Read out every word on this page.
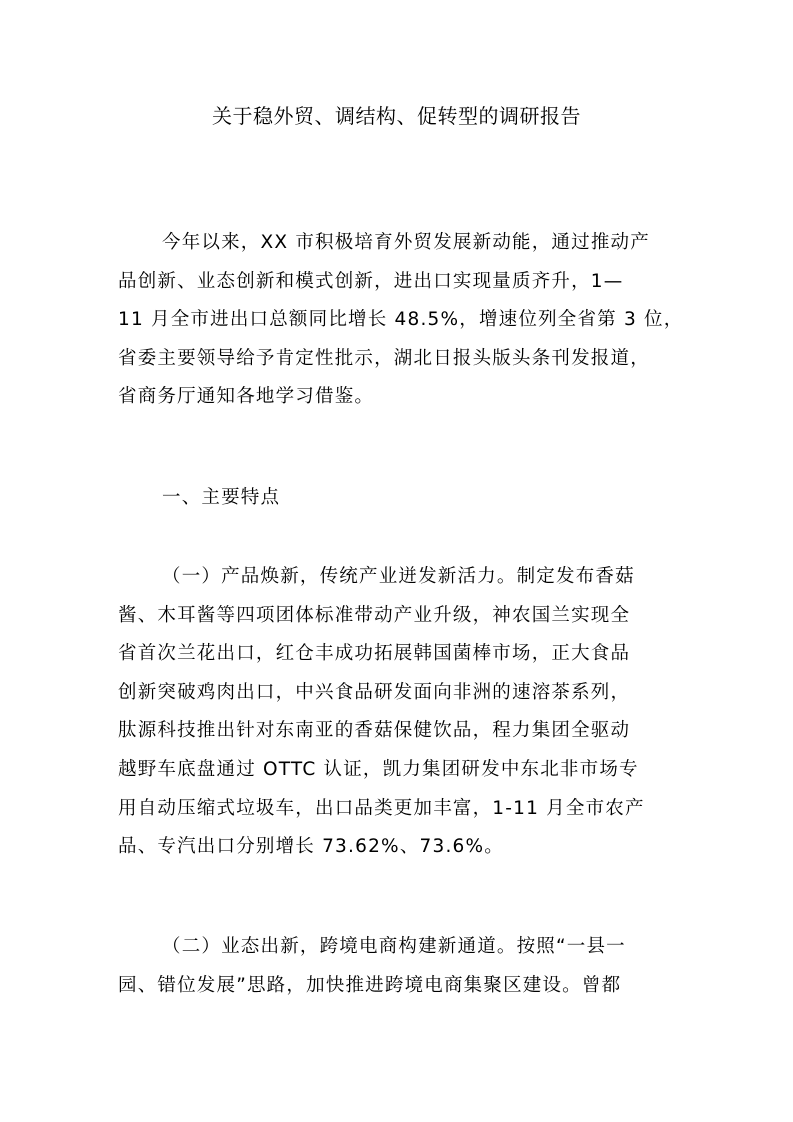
关于稳外贸、调结构、促转型的调研报告
今年以来，XX 市积极培育外贸发展新动能，通过推动产
品创新、业态创新和模式创新，进出口实现量质齐升，1—
11 月全市进出口总额同比增长 48.5%，增速位列全省第 3 位，
省委主要领导给予肯定性批示，湖北日报头版头条刊发报道，
省商务厅通知各地学习借鉴。
一、主要特点
（一）产品焕新，传统产业迸发新活力。制定发布香菇
酱、木耳酱等四项团体标准带动产业升级，神农国兰实现全
省首次兰花出口，红仓丰成功拓展韩国菌棒市场，正大食品
创新突破鸡肉出口，中兴食品研发面向非洲的速溶茶系列，
肽源科技推出针对东南亚的香菇保健饮品，程力集团全驱动
越野车底盘通过 OTTC 认证，凯力集团研发中东北非市场专
用自动压缩式垃圾车，出口品类更加丰富，1-11 月全市农产
品、专汽出口分别增长 73.62%、73.6%。
（二）业态出新，跨境电商构建新通道。按照“一县一
园、错位发展”思路，加快推进跨境电商集聚区建设。曾都
